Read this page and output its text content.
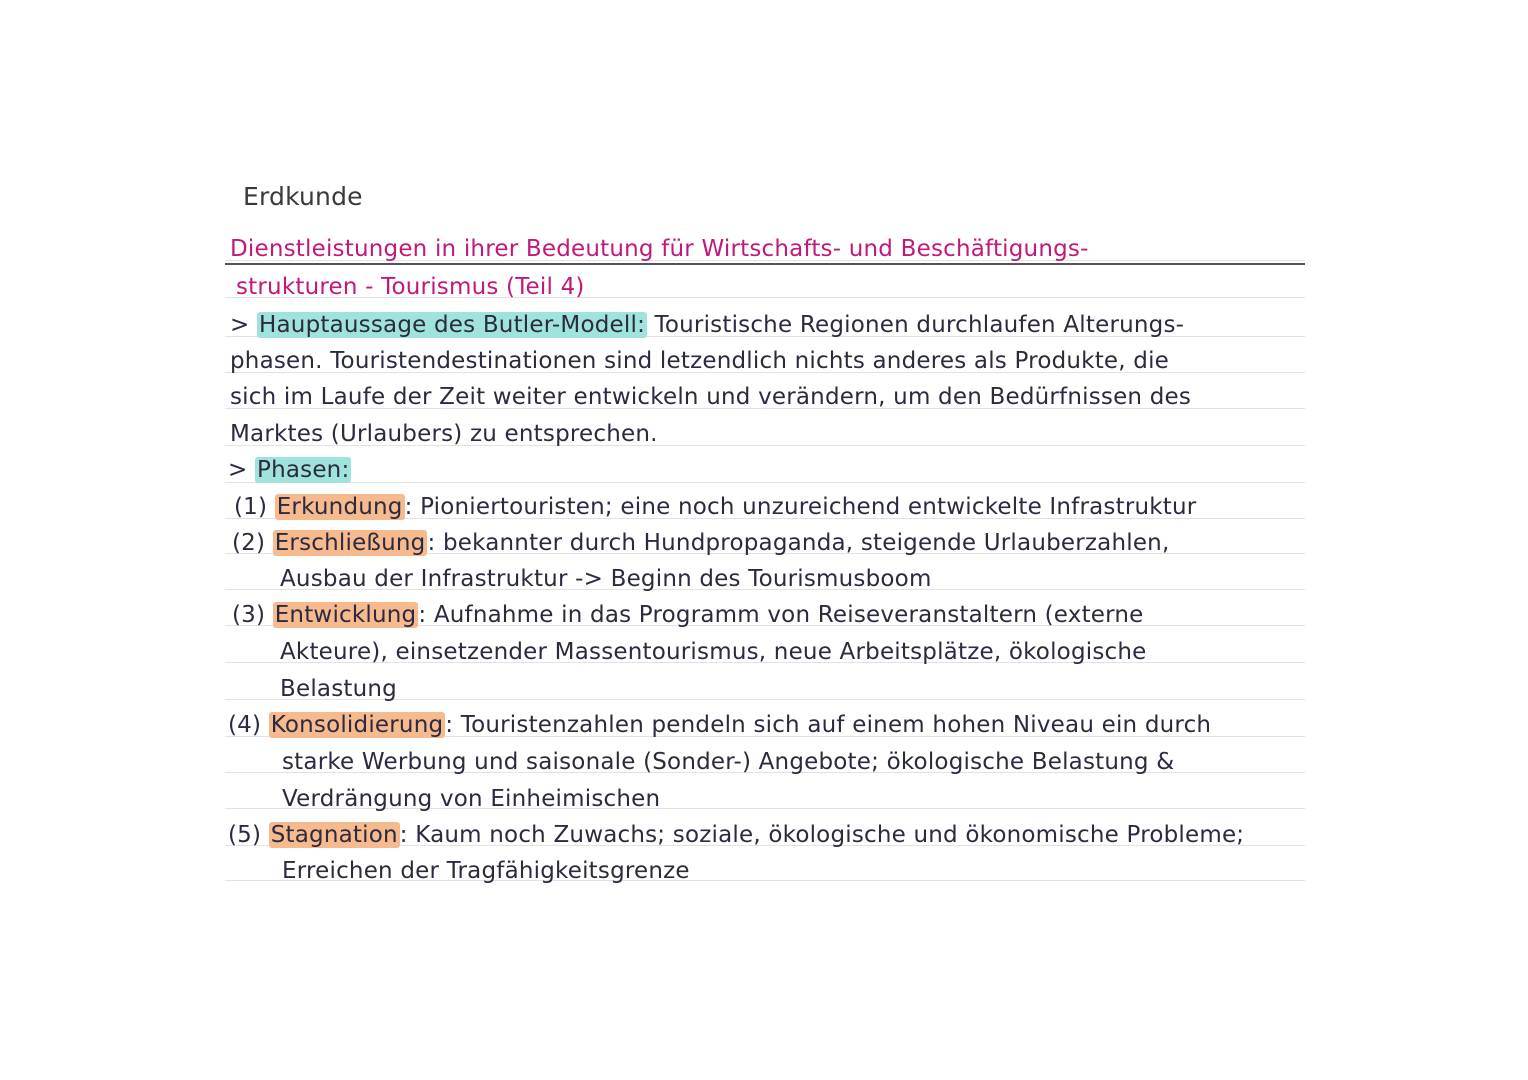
Erdkunde
Dienstleistungen in ihrer Bedeutung für Wirtschafts- und Beschäftigungs-
strukturen - Tourismus (Teil 4)
> Hauptaussage des Butler-Modell: Touristische Regionen durchlaufen Alterungs-
phasen. Touristendestinationen sind letzendlich nichts anderes als Produkte, die
sich im Laufe der Zeit weiter entwickeln und verändern, um den Bedürfnissen des
Marktes (Urlaubers) zu entsprechen.
> Phasen:
(1) Erkundung: Pioniertouristen; eine noch unzureichend entwickelte Infrastruktur
(2) Erschließung: bekannter durch Hundpropaganda, steigende Urlauberzahlen,
Ausbau der Infrastruktur -> Beginn des Tourismusboom
(3) Entwicklung: Aufnahme in das Programm von Reiseveranstaltern (externe
Akteure), einsetzender Massentourismus, neue Arbeitsplätze, ökologische
Belastung
(4) Konsolidierung: Touristenzahlen pendeln sich auf einem hohen Niveau ein durch
starke Werbung und saisonale (Sonder-) Angebote; ökologische Belastung &
Verdrängung von Einheimischen
(5) Stagnation: Kaum noch Zuwachs; soziale, ökologische und ökonomische Probleme;
Erreichen der Tragfähigkeitsgrenze
